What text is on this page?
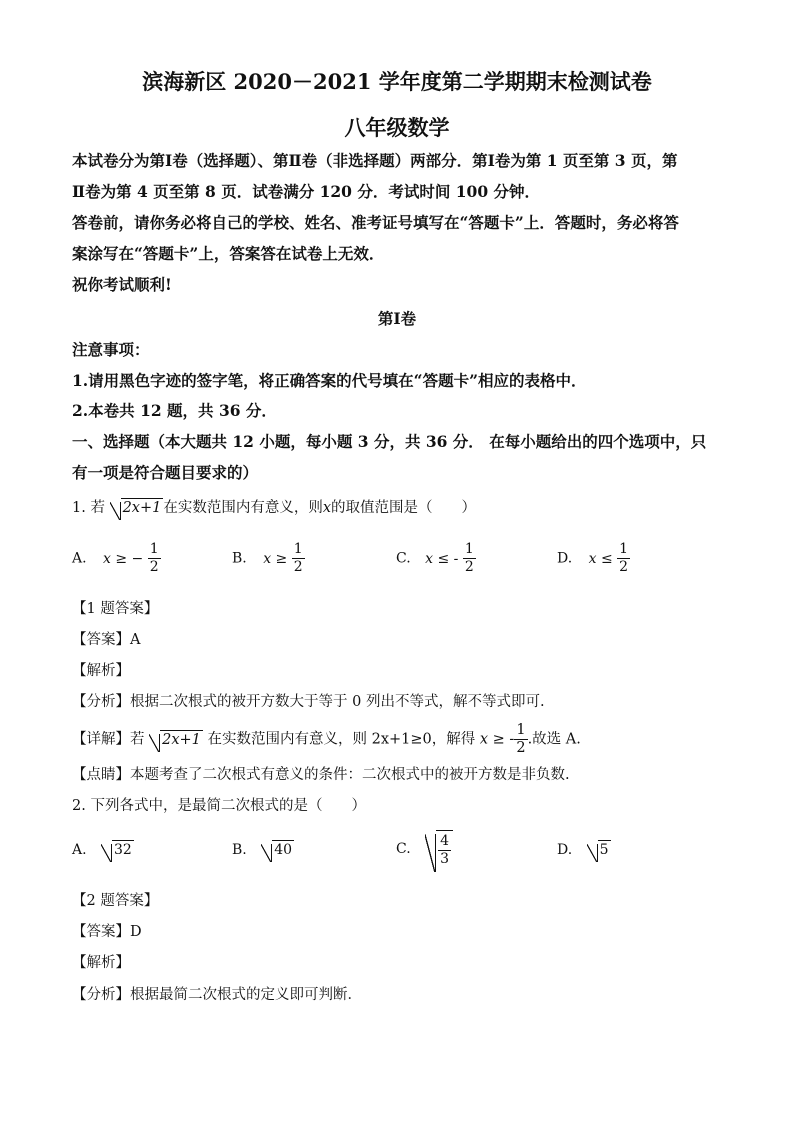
滨海新区 2020－2021 学年度第二学期期末检测试卷
八年级数学
本试卷分为第Ⅰ卷（选择题）、第Ⅱ卷（非选择题）两部分．第Ⅰ卷为第 1 页至第 3 页，第
Ⅱ卷为第 4 页至第 8 页．试卷满分 120 分．考试时间 100 分钟．
答卷前，请你务必将自己的学校、姓名、准考证号填写在“答题卡”上．答题时，务必将答
案涂写在“答题卡”上，答案答在试卷上无效．
祝你考试顺利!
第Ⅰ卷
注意事项：
1.请用黑色字迹的签字笔，将正确答案的代号填在“答题卡”相应的表格中．
2.本卷共 12 题，共 36 分．
一、选择题（本大题共 12 小题，每小题 3 分，共 36 分． 在每小题给出的四个选项中，只
有一项是符合题目要求的）
1. 若 2x+1 在实数范围内有意义，则x的取值范围是（　　）
A. x ≥ − $\frac{1}{2}$	B. $x \ge \frac{1}{2}$	C. x ≤ - $\frac{1}{2}$	D. $x \le \frac{1}{2}$
【1 题答案】
【答案】A
【解析】
【分析】根据二次根式的被开方数大于等于 0 列出不等式，解不等式即可.
【详解】若 2x+1 在实数范围内有意义，则 2x+1≥0，解得 x ≥ - $\frac{1}{2}$ .故选 A.
【点睛】本题考查了二次根式有意义的条件：二次根式中的被开方数是非负数.
2. 下列各式中，是最简二次根式的是（　　）
A. 32	B. 40	C. $\frac{4}{3}$	D. 5
【2 题答案】
【答案】D
【解析】
【分析】根据最简二次根式的定义即可判断．
